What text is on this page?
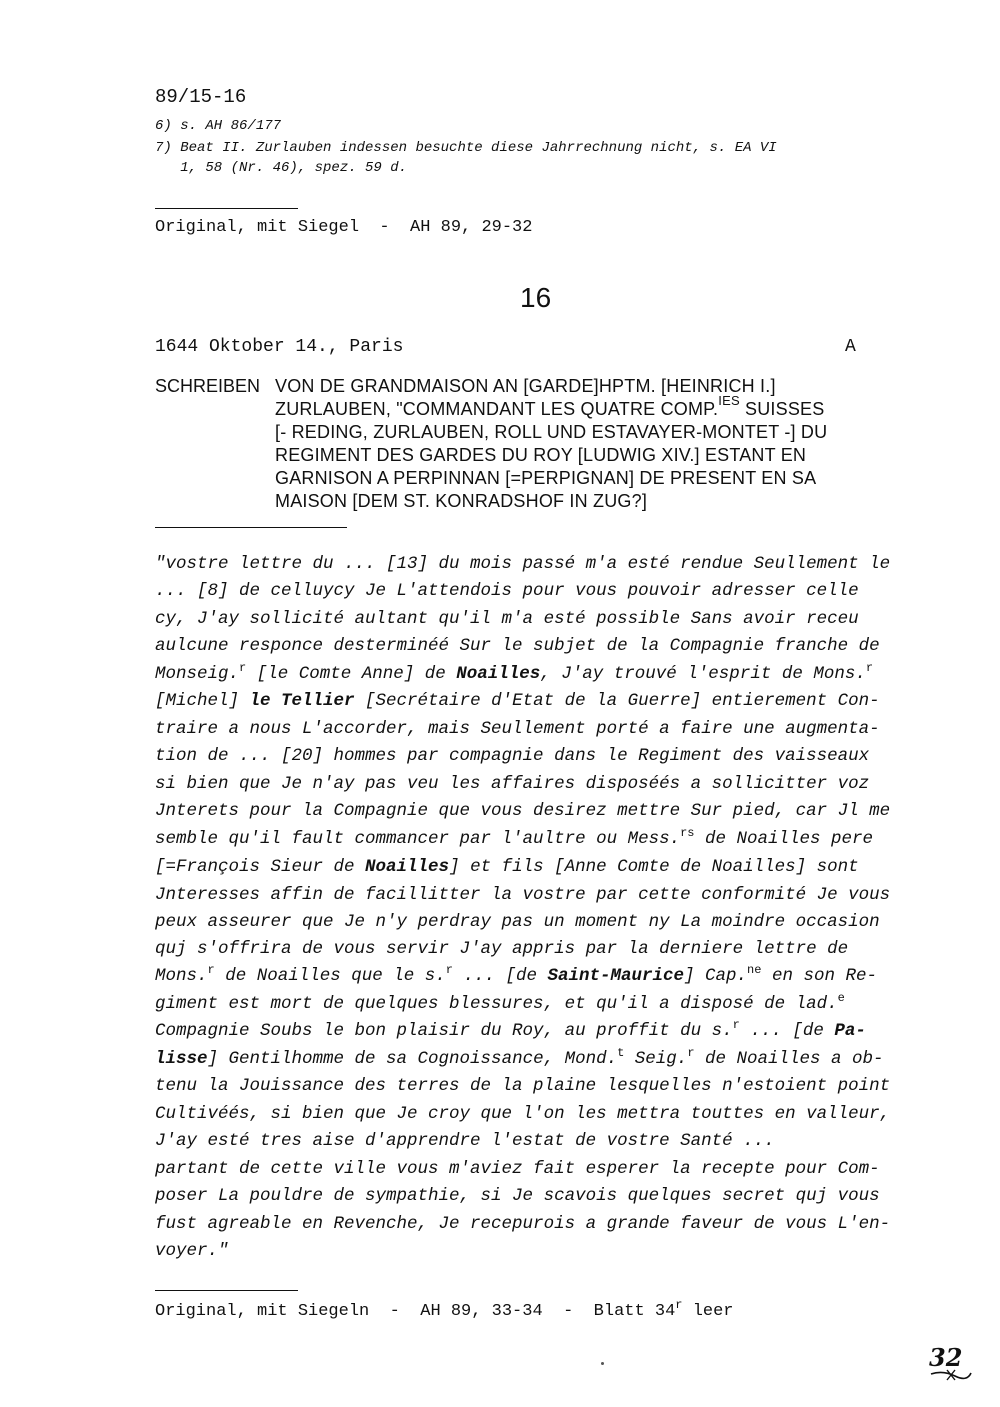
89/15-16
6) s. AH 86/177
7) Beat II. Zurlauben indessen besuchte diese Jahrrechnung nicht, s. EA VI
1, 58 (Nr. 46), spez. 59 d.
Original, mit Siegel  -  AH 89, 29-32
16
1644 Oktober 14., Paris	A
SCHREIBEN VON DE GRANDMAISON AN [GARDE]HPTM. [HEINRICH I.]
ZURLAUBEN, "COMMANDANT LES QUATRE COMP.$^{IES}$ SUISSES
[- REDING, ZURLAUBEN, ROLL UND ESTAVAYER-MONTET -] DU
REGIMENT DES GARDES DU ROY [LUDWIG XIV.] ESTANT EN
GARNISON A PERPINNAN [=PERPIGNAN] DE PRESENT EN SA
MAISON [DEM ST. KONRADSHOF IN ZUG?]
"vostre lettre du ... [13] du mois passé m'a esté rendue Seullement le
... [8] de celluycy Je L'attendois pour vous pouvoir adresser celle
cy, J'ay sollicité aultant qu'il m'a esté possible Sans avoir receu
aulcune responce desterminéé Sur le subjet de la Compagnie franche de
Monseig.$^r$ [le Comte Anne] de Noailles, J'ay trouvé l'esprit de Mons.$^r$
[Michel] le Tellier [Secrétaire d'Etat de la Guerre] entierement Con-
traire a nous L'accorder, mais Seullement porté a faire une augmenta-
tion de ... [20] hommes par compagnie dans le Regiment des vaisseaux
si bien que Je n'ay pas veu les affaires disposéés a sollicitter voz
Jnterets pour la Compagnie que vous desirez mettre Sur pied, car Jl me
semble qu'il fault commancer par l'aultre ou Mess.$^{rs}$ de Noailles pere
[=François Sieur de Noailles] et fils [Anne Comte de Noailles] sont
Jnteresses affin de facillitter la vostre par cette conformité Je vous
peux asseurer que Je n'y perdray pas un moment ny La moindre occasion
quj s'offrira de vous servir J'ay appris par la derniere lettre de
Mons.$^r$ de Noailles que le s.$^r$ ... [de Saint-Maurice] Cap.$^{ne}$ en son Re-
giment est mort de quelques blessures, et qu'il a disposé de lad.$^e$
Compagnie Soubs le bon plaisir du Roy, au proffit du s.$^r$ ... [de Pa-
lisse] Gentilhomme de sa Cognoissance, Mond.$^t$ Seig.$^r$ de Noailles a ob-
tenu la Jouissance des terres de la plaine lesquelles n'estoient point
Cultivéés, si bien que Je croy que l'on les mettra touttes en valleur,
J'ay esté tres aise d'apprendre l'estat de vostre Santé ...
partant de cette ville vous m'aviez fait esperer la recepte pour Com-
poser La pouldre de sympathie, si Je scavois quelques secret quj vous
fust agreable en Revenche, Je recepurois a grande faveur de vous L'en-
voyer."
Original, mit Siegeln  -  AH 89, 33-34  -  Blatt 34$^r$ leer
32
